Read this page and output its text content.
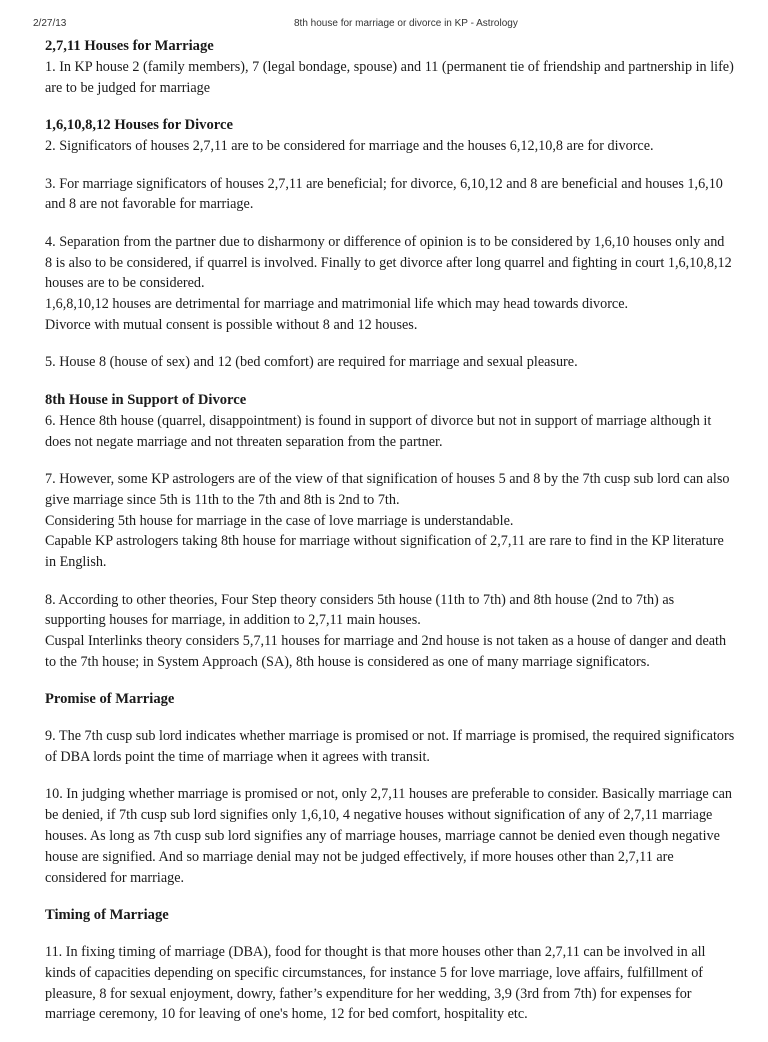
2/27/13	8th house for marriage or divorce in KP - Astrology
2,7,11 Houses for Marriage

1. In KP house 2 (family members), 7 (legal bondage, spouse) and 11 (permanent tie of friendship and partnership in life) are to be judged for marriage

1,6,10,8,12 Houses for Divorce

2. Significators of houses 2,7,11 are to be considered for marriage and the houses 6,12,10,8 are for divorce.

3. For marriage significators of houses 2,7,11 are beneficial; for divorce, 6,10,12 and 8 are beneficial and houses 1,6,10 and 8 are not favorable for marriage.

4. Separation from the partner due to disharmony or difference of opinion is to be considered by 1,6,10 houses only and 8 is also to be considered, if quarrel is involved. Finally to get divorce after long quarrel and fighting in court 1,6,10,8,12 houses are to be considered.

1,6,8,10,12 houses are detrimental for marriage and matrimonial life which may head towards divorce.

Divorce with mutual consent is possible without 8 and 12 houses.

5. House 8 (house of sex) and 12 (bed comfort) are required for marriage and sexual pleasure.

8th House in Support of Divorce

6. Hence 8th house (quarrel, disappointment) is found in support of divorce but not in support of marriage although it does not negate marriage and not threaten separation from the partner.

7. However, some KP astrologers are of the view of that signification of houses 5 and 8 by the 7th cusp sub lord can also give marriage since 5th is 11th to the 7th and 8th is 2nd to 7th.

Considering 5th house for marriage in the case of love marriage is understandable.

Capable KP astrologers taking 8th house for marriage without signification of 2,7,11 are rare to find in the KP literature in English.

8. According to other theories, Four Step theory considers 5th house (11th to 7th) and 8th house (2nd to 7th) as supporting houses for marriage, in addition to 2,7,11 main houses.

Cuspal Interlinks theory considers 5,7,11 houses for marriage and 2nd house is not taken as a house of danger and death to the 7th house; in System Approach (SA), 8th house is considered as one of many marriage significators.

Promise of Marriage

9. The 7th cusp sub lord indicates whether marriage is promised or not. If marriage is promised, the required significators of DBA lords point the time of marriage when it agrees with transit.

10. In judging whether marriage is promised or not, only 2,7,11 houses are preferable to consider. Basically marriage can be denied, if 7th cusp sub lord signifies only 1,6,10, 4 negative houses without signification of any of 2,7,11 marriage houses. As long as 7th cusp sub lord signifies any of marriage houses, marriage cannot be denied even though negative house are signified. And so marriage denial may not be judged effectively, if more houses other than 2,7,11 are considered for marriage.

Timing of Marriage

11. In fixing timing of marriage (DBA), food for thought is that more houses other than 2,7,11 can be involved in all kinds of capacities depending on specific circumstances, for instance 5 for love marriage, love affairs, fulfillment of pleasure, 8 for sexual enjoyment, dowry, father’s expenditure for her wedding, 3,9 (3rd from 7th) for expenses for marriage ceremony, 10 for leaving of one's home, 12 for bed comfort, hospitality etc.
